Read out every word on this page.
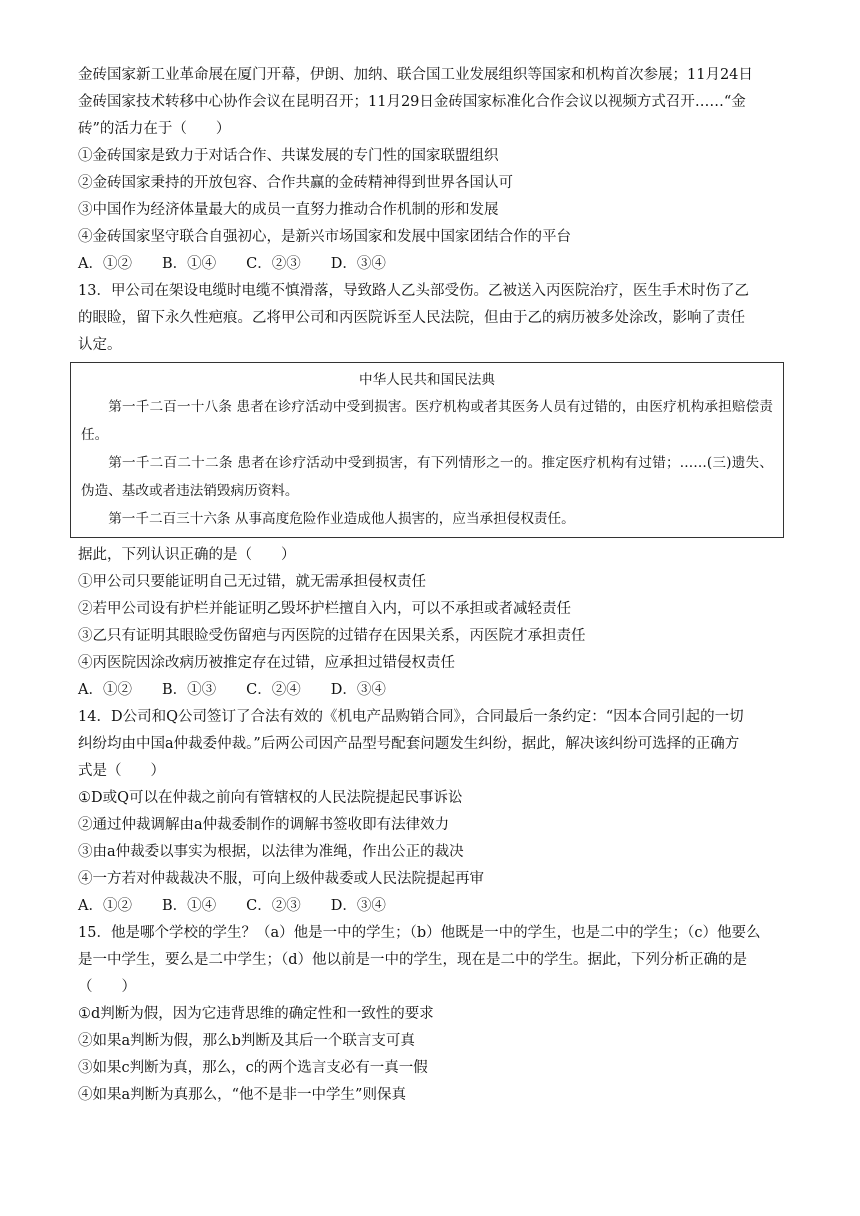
金砖国家新工业革命展在厦门开幕，伊朗、加纳、联合国工业发展组织等国家和机构首次参展；11月24日
金砖国家技术转移中心协作会议在昆明召开；11月29日金砖国家标准化合作会议以视频方式召开……“金
砖”的活力在于（　　）
①金砖国家是致力于对话合作、共谋发展的专门性的国家联盟组织
②金砖国家秉持的开放包容、合作共赢的金砖精神得到世界各国认可
③中国作为经济体量最大的成员一直努力推动合作机制的形和发展
④金砖国家坚守联合自强初心，是新兴市场国家和发展中国家团结合作的平台
A．①② B．①④ C．②③ D．③④
13．甲公司在架设电缆时电缆不慎滑落，导致路人乙头部受伤。乙被送入丙医院治疗，医生手术时伤了乙
的眼睑，留下永久性疤痕。乙将甲公司和丙医院诉至人民法院，但由于乙的病历被多处涂改，影响了责任
认定。
中华人民共和国民法典
第一千二百一十八条 患者在诊疗活动中受到损害。医疗机构或者其医务人员有过错的，由医疗机构承担赔偿责任。
第一千二百二十二条 患者在诊疗活动中受到损害，有下列情形之一的。推定医疗机构有过错；……(三)遗失、伪造、基改或者违法销毁病历资料。
第一千二百三十六条 从事高度危险作业造成他人损害的，应当承担侵权责任。
据此，下列认识正确的是（　　）
①甲公司只要能证明自己无过错，就无需承担侵权责任
②若甲公司设有护栏并能证明乙毁坏护栏擅自入内，可以不承担或者减轻责任
③乙只有证明其眼睑受伤留疤与丙医院的过错存在因果关系，丙医院才承担责任
④丙医院因涂改病历被推定存在过错，应承担过错侵权责任
A．①② B．①③ C．②④ D．③④
14．D公司和Q公司签订了合法有效的《机电产品购销合同》，合同最后一条约定：“因本合同引起的一切
纠纷均由中国a仲裁委仲裁。”后两公司因产品型号配套问题发生纠纷，据此，解决该纠纷可选择的正确方
式是（　　）
①D或Q可以在仲裁之前向有管辖权的人民法院提起民事诉讼
②通过仲裁调解由a仲裁委制作的调解书签收即有法律效力
③由a仲裁委以事实为根据，以法律为准绳，作出公正的裁决
④一方若对仲裁裁决不服，可向上级仲裁委或人民法院提起再审
A．①② B．①④ C．②③ D．③④
15．他是哪个学校的学生？（a）他是一中的学生；（b）他既是一中的学生，也是二中的学生；（c）他要么
是一中学生，要么是二中学生；（d）他以前是一中的学生，现在是二中的学生。据此，下列分析正确的是
（　　）
①d判断为假，因为它违背思维的确定性和一致性的要求
②如果a判断为假，那么b判断及其后一个联言支可真
③如果c判断为真，那么，c的两个选言支必有一真一假
④如果a判断为真那么，“他不是非一中学生”则保真
